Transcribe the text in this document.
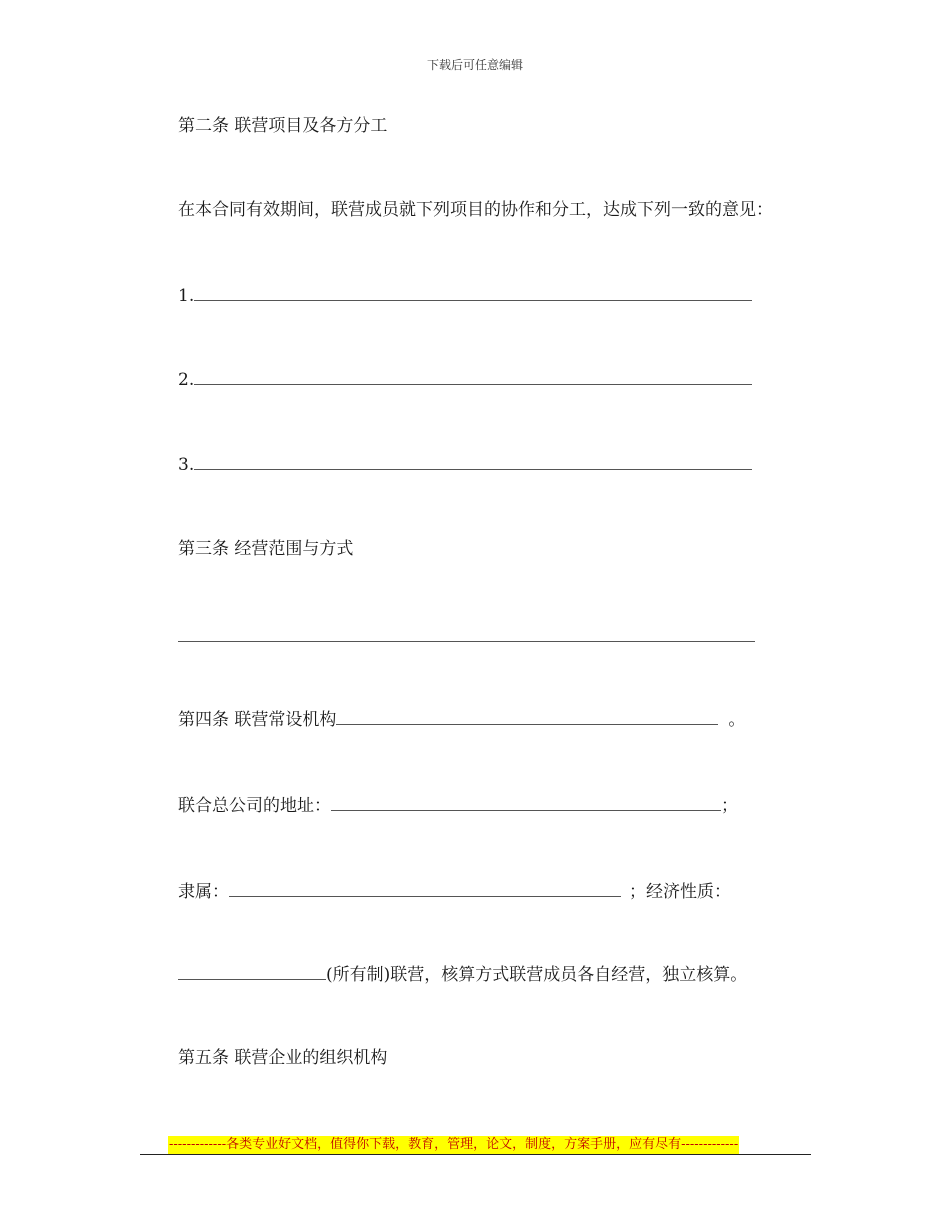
下载后可任意编辑
第二条 联营项目及各方分工
在本合同有效期间，联营成员就下列项目的协作和分工，达成下列一致的意见：
1.
2.
3.
第三条 经营范围与方式
第四条 联营常设机构	。
联合总公司的地址：	；
隶属：	；经济性质：
(所有制)联营，核算方式联营成员各自经营，独立核算。
第五条 联营企业的组织机构
-------------各类专业好文档，值得你下载，教育，管理，论文，制度，方案手册，应有尽有-------------
